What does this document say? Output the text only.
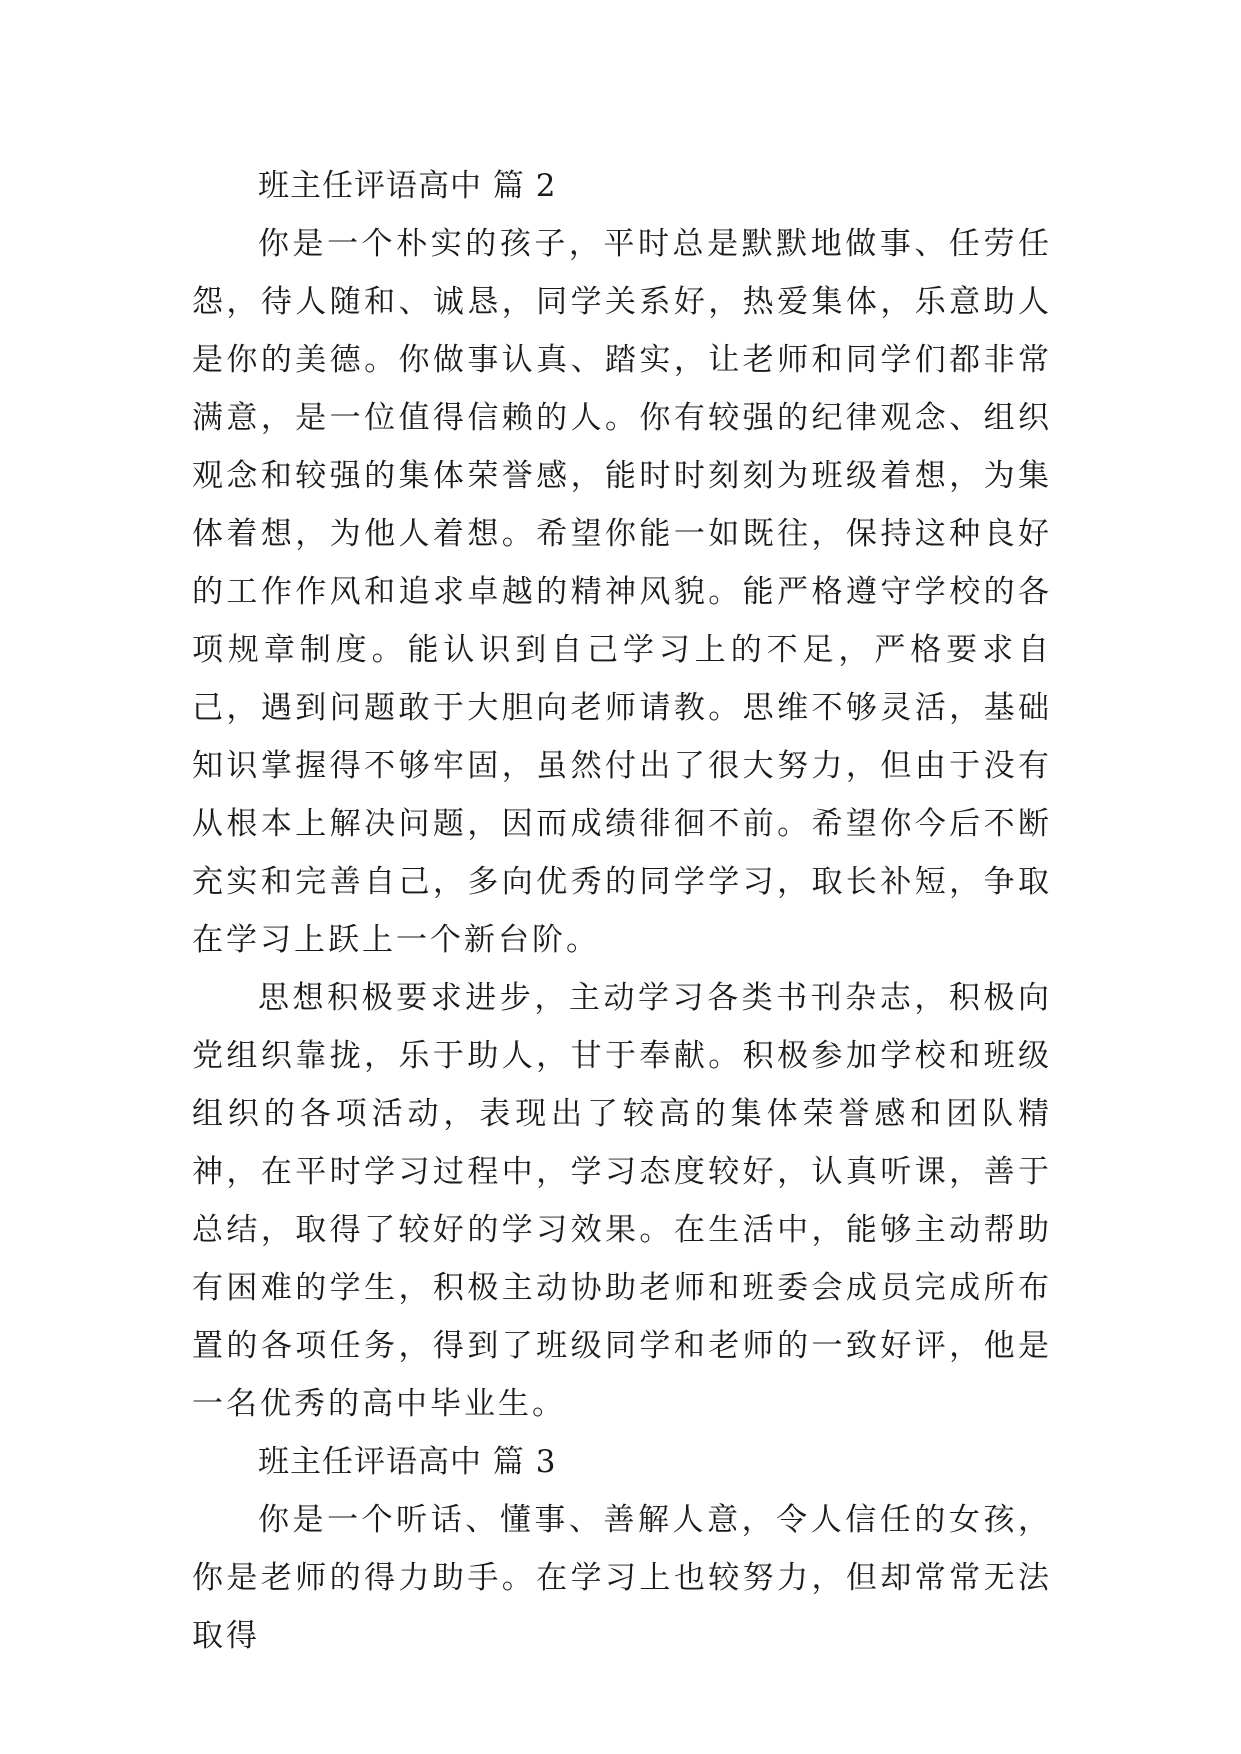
班主任评语高中 篇 2

你是一个朴实的孩子，平时总是默默地做事、任劳任怨，待人随和、诚恳，同学关系好，热爱集体，乐意助人是你的美德。你做事认真、踏实，让老师和同学们都非常满意，是一位值得信赖的人。你有较强的纪律观念、组织观念和较强的集体荣誉感，能时时刻刻为班级着想，为集体着想，为他人着想。希望你能一如既往，保持这种良好的工作作风和追求卓越的精神风貌。能严格遵守学校的各项规章制度。能认识到自己学习上的不足，严格要求自己，遇到问题敢于大胆向老师请教。思维不够灵活，基础知识掌握得不够牢固，虽然付出了很大努力，但由于没有从根本上解决问题，因而成绩徘徊不前。希望你今后不断充实和完善自己，多向优秀的同学学习，取长补短，争取在学习上跃上一个新台阶。

思想积极要求进步，主动学习各类书刊杂志，积极向党组织靠拢，乐于助人，甘于奉献。积极参加学校和班级组织的各项活动，表现出了较高的集体荣誉感和团队精神，在平时学习过程中，学习态度较好，认真听课，善于总结，取得了较好的学习效果。在生活中，能够主动帮助有困难的学生，积极主动协助老师和班委会成员完成所布置的各项任务，得到了班级同学和老师的一致好评，他是一名优秀的高中毕业生。

班主任评语高中 篇 3

你是一个听话、懂事、善解人意，令人信任的女孩，你是老师的得力助手。在学习上也较努力，但却常常无法取得
